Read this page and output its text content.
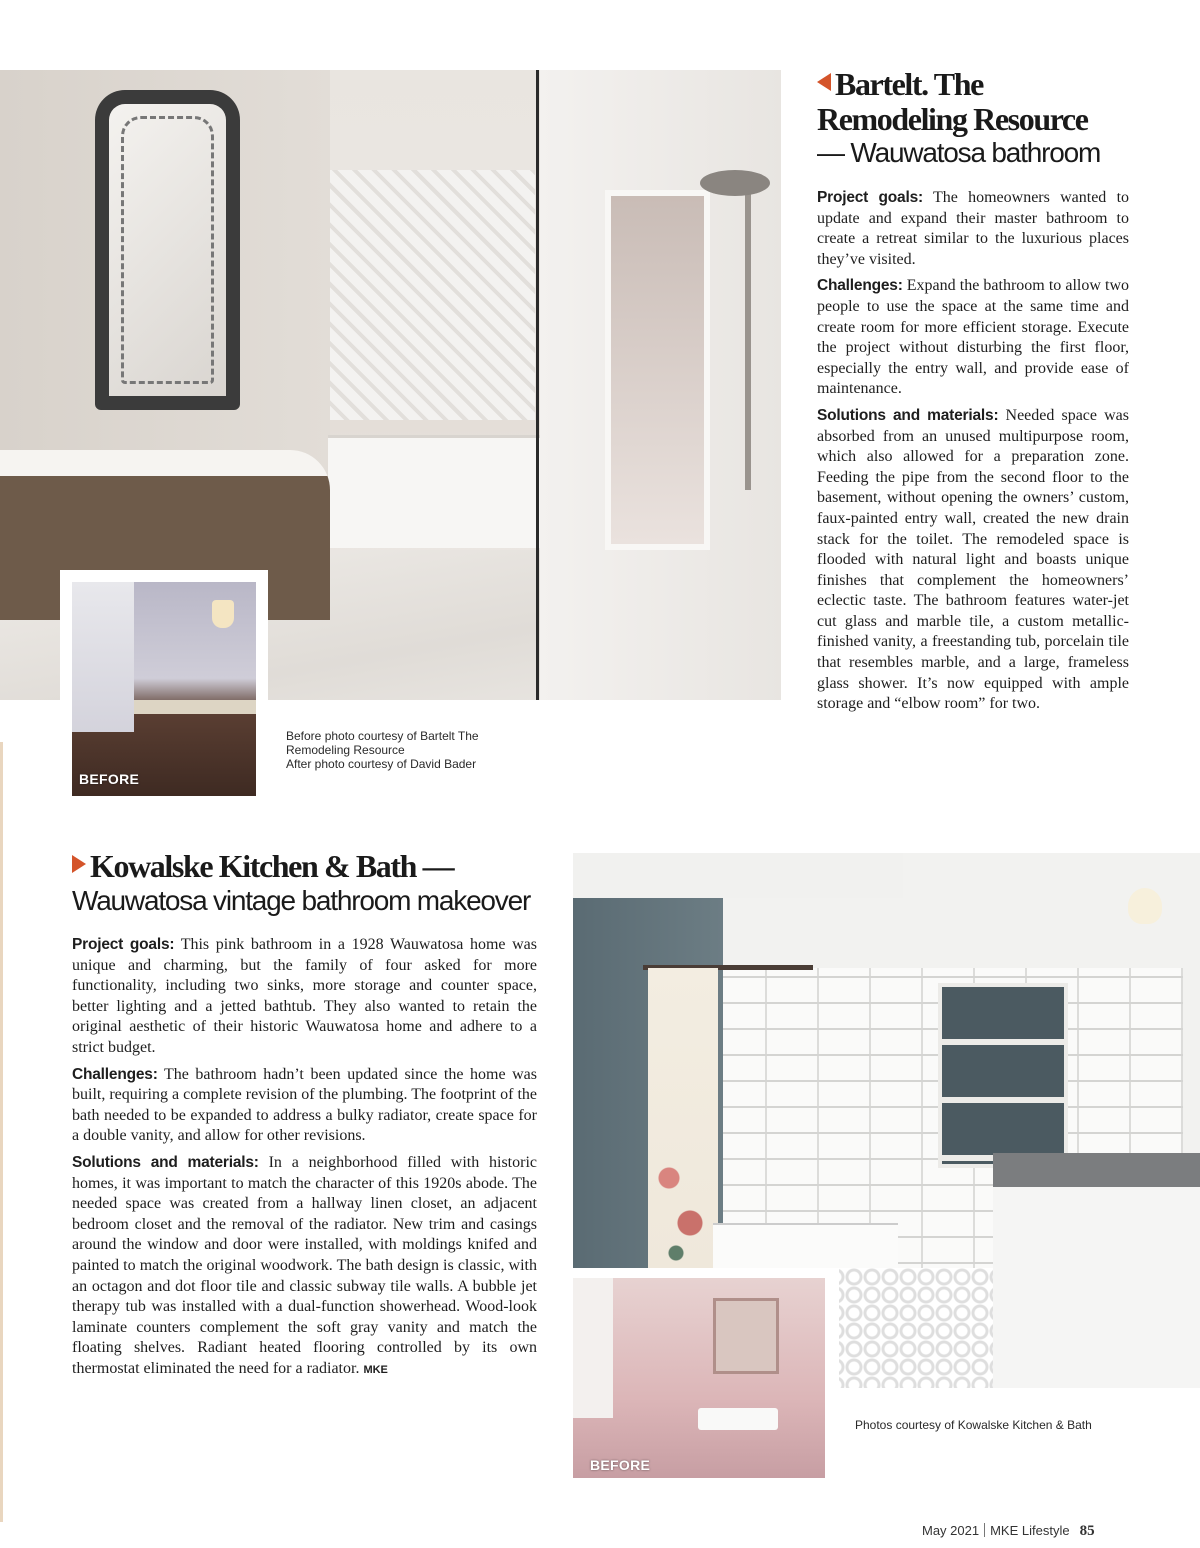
BEFORE
Before photo courtesy of Bartelt The
Remodeling Resource
After photo courtesy of David Bader
Bartelt. The
Remodeling Resource
— Wauwatosa bathroom

Project goals: The homeowners wanted to update and expand their master bathroom to create a retreat similar to the luxurious places they’ve visited.

Challenges: Expand the bathroom to allow two people to use the space at the same time and create room for more efficient storage. Execute the project without disturbing the first floor, especially the entry wall, and provide ease of maintenance.

Solutions and materials: Needed space was absorbed from an unused multipurpose room, which also allowed for a preparation zone. Feeding the pipe from the second floor to the basement, without opening the owners’ custom, faux-painted entry wall, created the new drain stack for the toilet. The remodeled space is flooded with natural light and boasts unique finishes that complement the homeowners’ eclectic taste. The bathroom features water-jet cut glass and marble tile, a custom metallic-finished vanity, a freestanding tub, porcelain tile that resembles marble, and a large, frameless glass shower. It’s now equipped with ample storage and “elbow room” for two.

Kowalske Kitchen & Bath —
Wauwatosa vintage bathroom makeover

Project goals: This pink bathroom in a 1928 Wauwatosa home was unique and charming, but the family of four asked for more functionality, including two sinks, more storage and counter space, better lighting and a jetted bathtub. They also wanted to retain the original aesthetic of their historic Wauwatosa home and adhere to a strict budget.

Challenges: The bathroom hadn’t been updated since the home was built, requiring a complete revision of the plumbing. The footprint of the bath needed to be expanded to address a bulky radiator, create space for a double vanity, and allow for other revisions.

Solutions and materials: In a neighborhood filled with historic homes, it was important to match the character of this 1920s abode. The needed space was created from a hallway linen closet, an adjacent bedroom closet and the removal of the radiator. New trim and casings around the window and door were installed, with moldings knifed and painted to match the original woodwork. The bath design is classic, with an octagon and dot floor tile and classic subway tile walls. A bubble jet therapy tub was installed with a dual-function showerhead. Wood-look laminate counters complement the soft gray vanity and match the floating shelves. Radiant heated flooring controlled by its own thermostat eliminated the need for a radiator. MKE

BEFORE
Photos courtesy of Kowalske Kitchen & Bath
May 2021 MKE Lifestyle 85
